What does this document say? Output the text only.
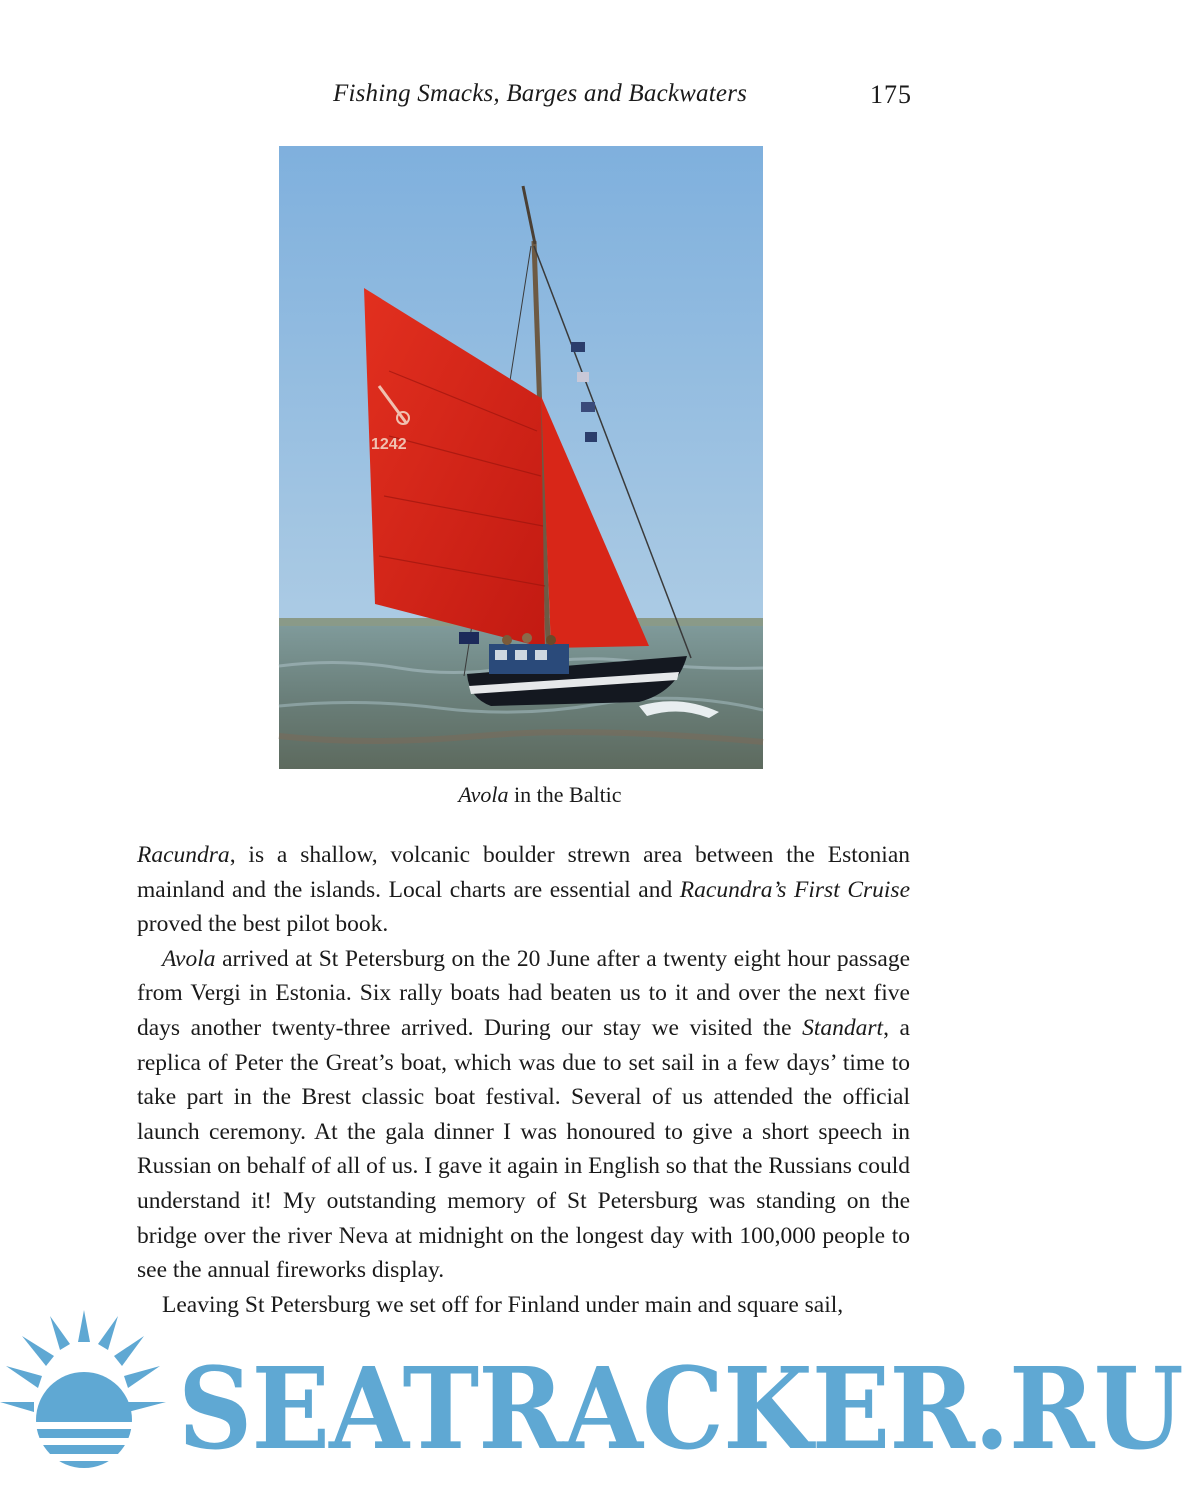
Fishing Smacks, Barges and Backwaters	175
1242
Avola in the Baltic

Racundra, is a shallow, volcanic boulder strewn area between the Estonian mainland and the islands. Local charts are essential and Racundra’s First Cruise proved the best pilot book.

Avola arrived at St Petersburg on the 20 June after a twenty eight hour passage from Vergi in Estonia. Six rally boats had beaten us to it and over the next five days another twenty-three arrived. During our stay we visited the Standart, a replica of Peter the Great’s boat, which was due to set sail in a few days’ time to take part in the Brest classic boat festival. Several of us attended the official launch ceremony. At the gala dinner I was honoured to give a short speech in Russian on behalf of all of us. I gave it again in English so that the Russians could understand it! My outstanding memory of St Petersburg was standing on the bridge over the river Neva at midnight on the longest day with 100,000 people to see the annual fireworks display.

Leaving St Petersburg we set off for Finland under main and square sail,

SEATRACKER.RU
